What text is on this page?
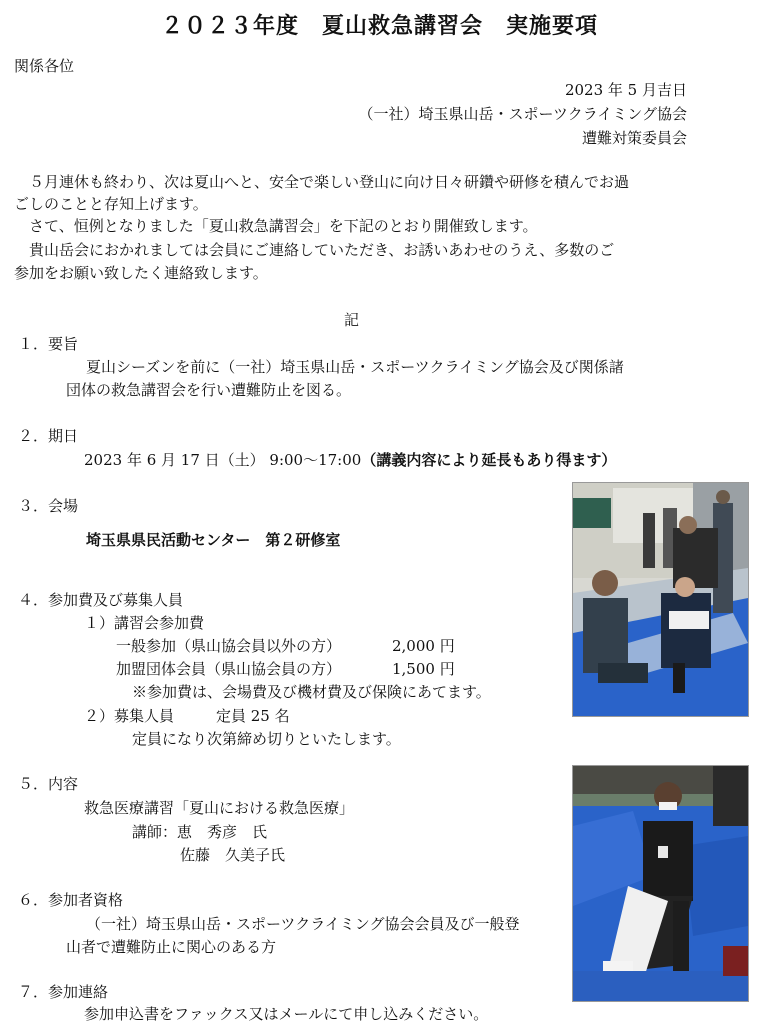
２０２３年度　夏山救急講習会　実施要項
関係各位
2023 年 5 月吉日
（一社）埼玉県山岳・スポーツクライミング協会
遭難対策委員会
　５月連休も終わり、次は夏山へと、安全で楽しい登山に向け日々研鑽や研修を積んでお過
ごしのことと存知上げます。
　さて、恒例となりました「夏山救急講習会」を下記のとおり開催致します。
　貴山岳会におかれましては会員にご連絡していただき、お誘いあわせのうえ、多数のご
参加をお願い致したく連絡致します。
記
１．要旨
夏山シーズンを前に（一社）埼玉県山岳・スポーツクライミング協会及び関係諸
団体の救急講習会を行い遭難防止を図る。
２．期日
2023 年 6 月 17 日（土） 9:00～17:00（講義内容により延長もあり得ます）
３．会場
埼玉県県民活動センター　第２研修室
４．参加費及び募集人員
１）講習会参加費
一般参加（県山協会員以外の方）	2,000 円
加盟団体会員（県山協会員の方）	1,500 円
※参加費は、会場費及び機材費及び保険にあてます。
２）募集人員	定員 25 名
定員になり次第締め切りといたします。
５．内容
救急医療講習「夏山における救急医療」
講師：恵　秀彦　氏
佐藤　久美子氏
６．参加者資格
（一社）埼玉県山岳・スポーツクライミング協会会員及び一般登
山者で遭難防止に関心のある方
７．参加連絡
参加申込書をファックス又はメールにて申し込みください。
